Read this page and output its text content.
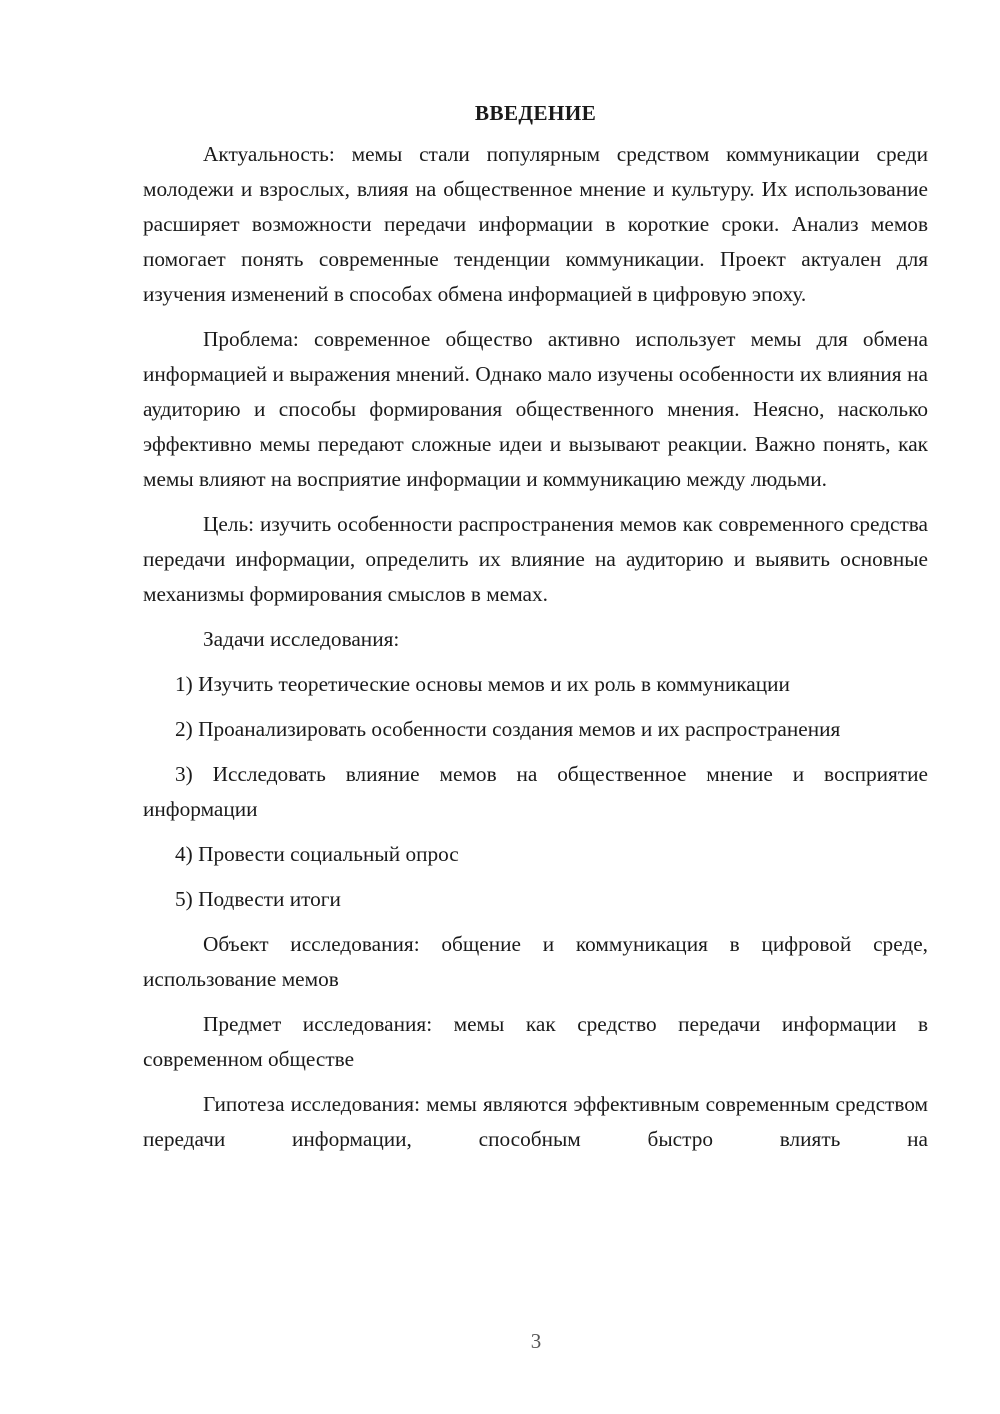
ВВЕДЕНИЕ

Актуальность: мемы стали популярным средством коммуникации среди молодежи и взрослых, влияя на общественное мнение и культуру. Их использование расширяет возможности передачи информации в короткие сроки. Анализ мемов помогает понять современные тенденции коммуникации. Проект актуален для изучения изменений в способах обмена информацией в цифровую эпоху.

Проблема: современное общество активно использует мемы для обмена информацией и выражения мнений. Однако мало изучены особенности их влияния на аудиторию и способы формирования общественного мнения. Неясно, насколько эффективно мемы передают сложные идеи и вызывают реакции. Важно понять, как мемы влияют на восприятие информации и коммуникацию между людьми.

Цель: изучить особенности распространения мемов как современного средства передачи информации, определить их влияние на аудиторию и выявить основные механизмы формирования смыслов в мемах.

Задачи исследования:

1) Изучить теоретические основы мемов и их роль в коммуникации

2) Проанализировать особенности создания мемов и их распространения

3) Исследовать влияние мемов на общественное мнение и восприятие информации

4) Провести социальный опрос

5) Подвести итоги

Объект исследования: общение и коммуникация в цифровой среде, использование мемов

Предмет исследования: мемы как средство передачи информации в современном обществе

Гипотеза исследования: мемы являются эффективным современным средством передачи информации, способным быстро влиять на

3
